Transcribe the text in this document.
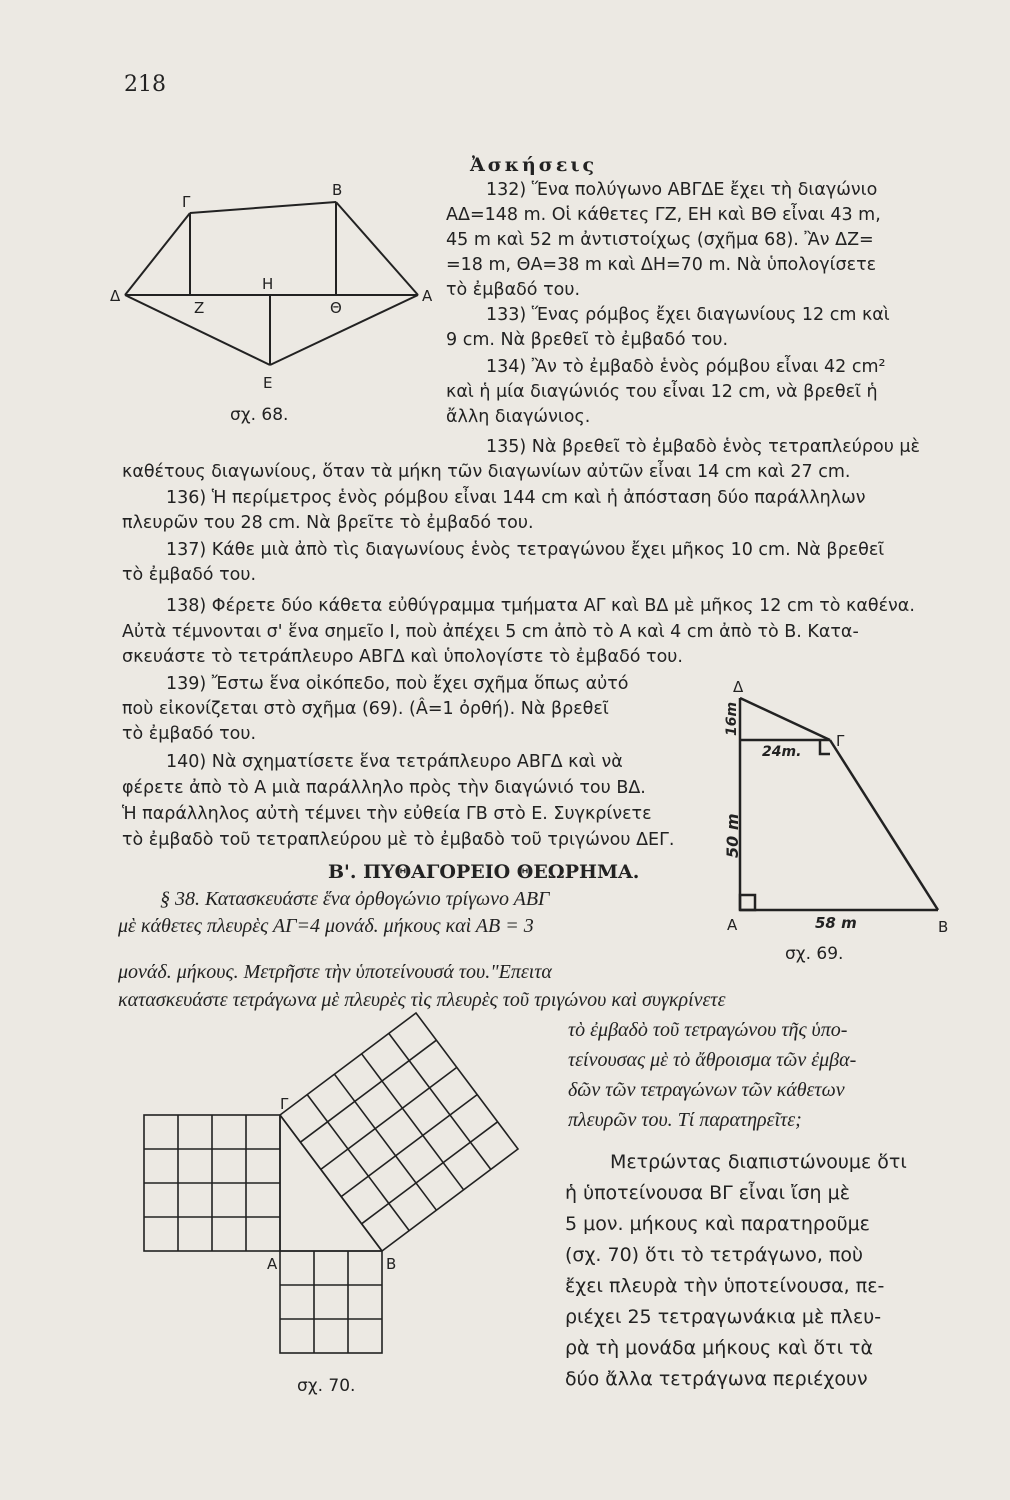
218
Ἀσκήσεις
Γ
Β
Δ	Α
Ζ
Η
Θ
Ε
σχ. 68.
132) Ἕνα πολύγωνο ΑΒΓΔΕ ἔχει τὴ διαγώνιο
ΑΔ=148 m. Οἱ κάθετες ΓΖ, ΕΗ καὶ ΒΘ εἶναι 43 m,
45 m καὶ 52 m ἀντιστοίχως (σχῆμα 68). Ἂν ΔΖ=
=18 m, ΘΑ=38 m καὶ ΔΗ=70 m. Νὰ ὑπολογίσετε
τὸ ἐμβαδό του.
133) Ἕνας ρόμβος ἔχει διαγωνίους 12 cm καὶ
9 cm. Νὰ βρεθεῖ τὸ ἐμβαδό του.
134) Ἂν τὸ ἐμβαδὸ ἑνὸς ρόμβου εἶναι 42 cm²
καὶ ἡ μία διαγώνιός του εἶναι 12 cm, νὰ βρεθεῖ ἡ
ἄλλη διαγώνιος.
135) Νὰ βρεθεῖ τὸ ἐμβαδὸ ἑνὸς τετραπλεύρου μὲ
καθέτους διαγωνίους, ὅταν τὰ μήκη τῶν διαγωνίων αὐτῶν εἶναι 14 cm καὶ 27 cm.
136) Ἡ περίμετρος ἑνὸς ρόμβου εἶναι 144 cm καὶ ἡ ἀπόσταση δύο παράλληλων
πλευρῶν του 28 cm. Νὰ βρεῖτε τὸ ἐμβαδό του.
137) Κάθε μιὰ ἀπὸ τὶς διαγωνίους ἑνὸς τετραγώνου ἔχει μῆκος 10 cm. Νὰ βρεθεῖ
τὸ ἐμβαδό του.
138) Φέρετε δύο κάθετα εὐθύγραμμα τμήματα ΑΓ καὶ ΒΔ μὲ μῆκος 12 cm τὸ καθένα.
Αὐτὰ τέμνονται σ' ἕνα σημεῖο Ι, ποὺ ἀπέχει 5 cm ἀπὸ τὸ Α καὶ 4 cm ἀπὸ τὸ Β. Κατα-
σκευάστε τὸ τετράπλευρο ΑΒΓΔ καὶ ὑπολογίστε τὸ ἐμβαδό του.
139) Ἔστω ἕνα οἰκόπεδο, ποὺ ἔχει σχῆμα ὅπως αὐτό
ποὺ εἰκονίζεται στὸ σχῆμα (69). (Â=1 ὀρθή). Νὰ βρεθεῖ
τὸ ἐμβαδό του.
140) Νὰ σχηματίσετε ἕνα τετράπλευρο ΑΒΓΔ καὶ νὰ
φέρετε ἀπὸ τὸ Α μιὰ παράλληλο πρὸς τὴν διαγώνιό του ΒΔ.
Ἡ παράλληλος αὐτὴ τέμνει τὴν εὐθεία ΓΒ στὸ Ε. Συγκρίνετε
τὸ ἐμβαδὸ τοῦ τετραπλεύρου μὲ τὸ ἐμβαδὸ τοῦ τριγώνου ΔΕΓ.
Δ
Γ
Α	Β
16m
24m.
50 m
58 m
σχ. 69.
Β'. ΠΥΘΑΓΟΡΕΙΟ ΘΕΩΡΗΜΑ.
§ 38. Κατασκευάστε ἕνα ὀρθογώνιο τρίγωνο ΑΒΓ
μὲ κάθετες πλευρὲς ΑΓ=4 μονάδ. μήκους καὶ ΑΒ = 3
μονάδ. μήκους. Μετρῆστε τὴν ὑποτείνουσά του."Επειτα
κατασκευάστε τετράγωνα μὲ πλευρὲς τὶς πλευρὲς τοῦ τριγώνου καὶ συγκρίνετε
τὸ ἐμβαδὸ τοῦ τετραγώνου τῆς ὑπο-
τείνουσας μὲ τὸ ἄθροισμα τῶν ἐμβα-
δῶν τῶν τετραγώνων τῶν κάθετων
πλευρῶν του. Τί παρατηρεῖτε;
Μετρώντας διαπιστώνουμε ὅτι
ἡ ὑποτείνουσα ΒΓ εἶναι ἴση μὲ
5 μον. μήκους καὶ παρατηροῦμε
(σχ. 70) ὅτι τὸ τετράγωνο, ποὺ
ἔχει πλευρὰ τὴν ὑποτείνουσα, πε-
ριέχει 25 τετραγωνάκια μὲ πλευ-
ρὰ τὴ μονάδα μήκους καὶ ὅτι τὰ
δύο ἄλλα τετράγωνα περιέχουν
Γ
Α	Β
σχ. 70.
